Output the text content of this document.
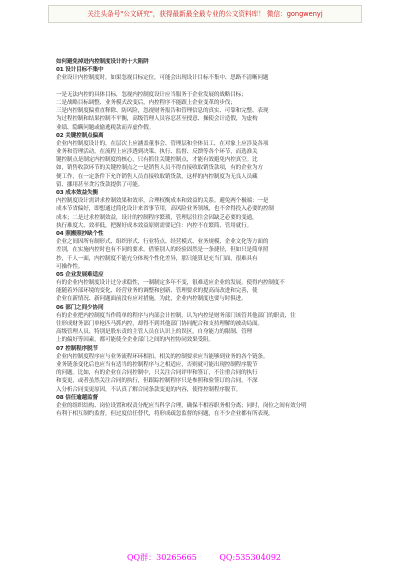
关注头条号"公文研究"，获得最新最全最专业的公文资料库！ 微信：gongwenyj
如何避免掉进内控制度设计的十大陷阱
01 设计目标不集中
企业设计内控制度时，如果忽视目标定位，可能会出现设计目标不集中、思路不清晰问题
一是无法内控的具体目标，忽视内控制度设计应当服务于企业发展的战略目标；
二是战略目标调整、业务模式改变后，内控程序不能跟上企业变革的步伐；
三是内控制度偏重直释除、防风险，忽视财务报告和管理信息的真实、可靠和完整、表现
为过程控制和结果控制不平衡，高级管理人员容忍甚至授意、操使会计造假，为虚构
业绩、隐瞒问题或偷逃税款而弄虚作假。
02 关键控制点偏离
企业内控制度设计的，在层次上应涵盖董事会、管理层和全体员工，在对象上应涉及各项
业务和管理活动，在流程上应涉透到决策、执行、监督、反馈等各个环节，而选准关
键控制点是制定内控制度的核心，只有抓住关键控制点，才能有效避免内控真空。比
如，销售收款环节的关键控制点之一是销售人员不得直接收取销货款项，有的企业为方
便工作，在一定条件下允许销售人员直接收取销货款，这样的内控制度为无良人员藏
留、挪用甚至贪污货款提供了可能。
03 成本效益失衡
内控制度设计需讲求控制效果和效率，合理权衡成本和效益的关系。避免两个极端：一是
成本节省偏好，即想通过简化设计来省事节用，高风险业务领域，也不舍得投入必要的控制
成本；二是过求控制效益，设计的控制程序繁琐，管理层往往会因缺乏必要的变通，
执行难度大、效率低，把握好成本效益原则需要记住：内控不在繁简、管用就行。
04 照搬照抄缺个性
企业之间因所有制形式、组织形式、行业特点、经营模式、业务规模、企业文化等方面的
差别，在实施内控时也有不同的要求。借鉴别人的经验固然是一条捷径，但如只是简单照
抄，千人一面，内控制度不能充分体现个性化差异，那只能算是充当门面，很难具有
可操作性。
05 企业发展难适应
有的企业内控制度设计过分求稳性，一制制定多年不变，很难适应企业的发展。使得内控制度不
能随着外部环境的变化、经营业务的调整和创新、管理要求的提高而改进和完善，使
企业在新情况、新问题面前没有应对措施，为此，企业内控制度也要与时俱进。
06 部门之间少协同
有的企业把内控制度当作简单的程序与内部会计控制，认为内控是财务部门该管其他部门的职责，往
往形成财务部门单枪匹马抓内控，却得不到其他部门协同配合和支持理解的被动局面。
高级管理人员、特别是股东责的主管人员在认识上的误区，自身能力的限制、管理
上的偏好等因素，都可能使全企业部门之间的内控协同效果受阻。
07 控制程序脱节
企业内控制度程序应与业务流程环环相扣。相关的控制要求应当能够到业务的各个链条。
业务链条变化后也应当有适当的控制程序与之相适应，否则就可能出现控制程序脱节
的问题。比如，有的企业在合同控制中，只关注合同评审和签订，不注重合同的执行
和变更，或者虽然关注合同的执行，但跟踪控制程序只是参照和验签订的合同，不深
入分析合同变更原因，不认真了解合同条款变更的内容，使得控制程序脱节。
08 信任逾越监督
企业的组织结构、岗位设置和权责分配应当科学合理，确保不相容职务相分离；同时，岗位之间有效分明
有利于相互制约监督，但过度信任替代，将形成疏忽监督的问题，在不少企业都有所表现。
QQ群：30265665	QQ:535304092
